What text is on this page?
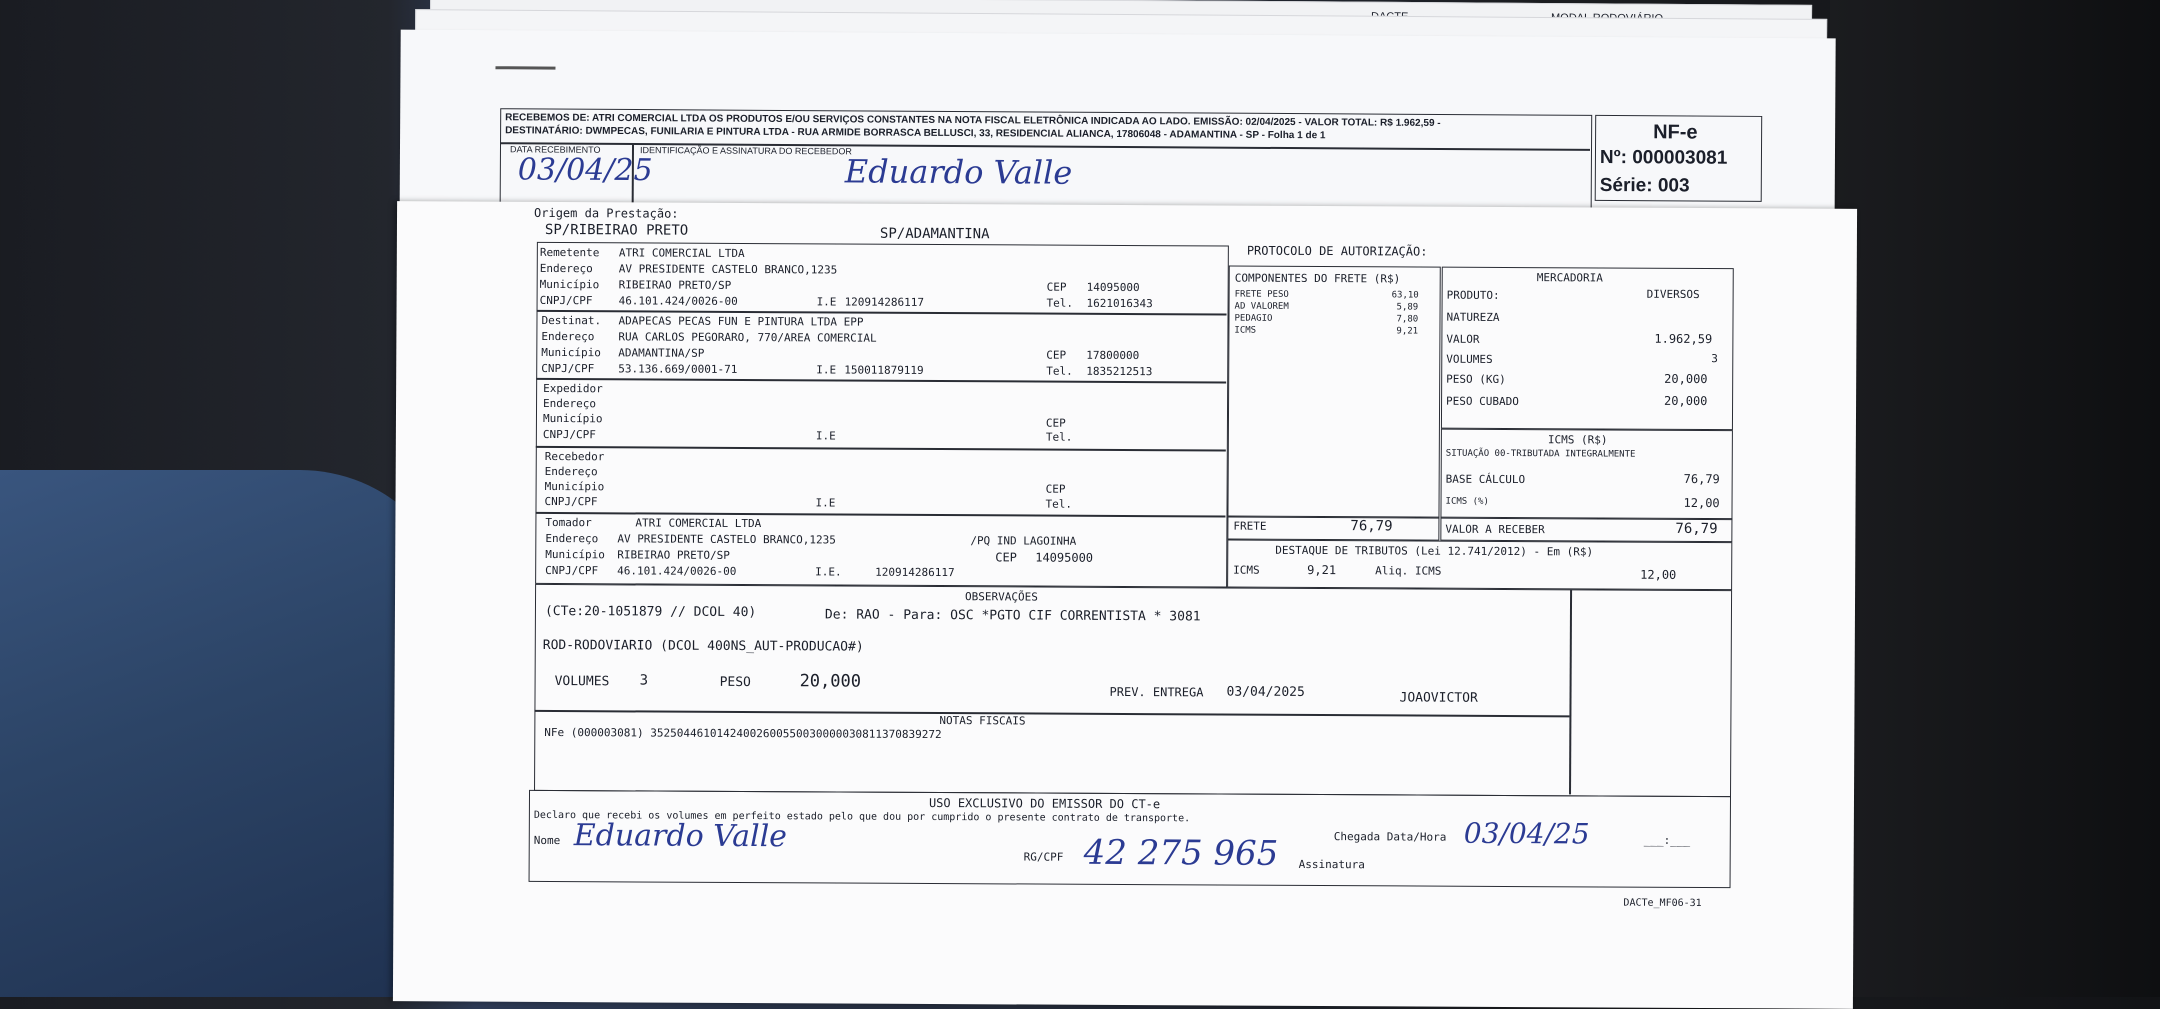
RECEBEMOS DE: ATRI COMERCIAL LTDA OS PRODUTOS E/OU SERVIÇOS CONSTANTES NA NOTA FISCAL ELETRÔNICA INDICADA AO LADO. EMISSÃO: 02/04/2025 - VALOR TOTAL: R$ 1.962,59 -
DESTINATÁRIO: DWMPECAS, FUNILARIA E PINTURA LTDA - RUA ARMIDE BORRASCA BELLUSCI, 33, RESIDENCIAL ALIANCA, 17806048 - ADAMANTINA - SP - Folha 1 de 1
DATA RECEBIMENTO
03/04/25
IDENTIFICAÇÃO E ASSINATURA DO RECEBEDOR
Eduardo Valle
NF-e
Nº: 000003081
Série: 003
Origem da Prestação:
SP/RIBEIRAO PRETO	SP/ADAMANTINA
PROTOCOLO DE AUTORIZAÇÃO:
Remetente ATRI COMERCIAL LTDA
Endereço AV PRESIDENTE CASTELO BRANCO,1235
Município RIBEIRAO PRETO/SP
CNPJ/CPF 46.101.424/0026-00	I.E 120914286117
CEP 14095000
Tel. 1621016343
Destinat. ADAPECAS PECAS FUN E PINTURA LTDA EPP
Endereço RUA CARLOS PEGORARO, 770/AREA COMERCIAL
Município ADAMANTINA/SP
CNPJ/CPF 53.136.669/0001-71	I.E 150011879119
CEP 17800000
Tel. 1835212513
Expedidor
Endereço
Município
CNPJ/CPF	I.E
CEP
Tel.
Recebedor
Endereço
Município
CNPJ/CPF	I.E
CEP
Tel.
Tomador	ATRI COMERCIAL LTDA
Endereço AV PRESIDENTE CASTELO BRANCO,1235	/PQ IND LAGOINHA
Município RIBEIRAO PRETO/SP	CEP 14095000
CNPJ/CPF 46.101.424/0026-00	I.E.	120914286117
COMPONENTES DO FRETE (R$)
FRETE PESO	63,10
AD VALOREM	5,89
PEDAGIO	7,80
ICMS	9,21
FRETE	76,79
MERCADORIA
PRODUTO:	DIVERSOS
NATUREZA
VALOR	1.962,59
VOLUMES	3
PESO (KG)	20,000
PESO CUBADO	20,000
ICMS (R$)
SITUAÇÃO 00-TRIBUTADA INTEGRALMENTE
BASE CÁLCULO	76,79
ICMS (%)	12,00
VALOR A RECEBER	76,79
DESTAQUE DE TRIBUTOS (Lei 12.741/2012) - Em (R$)
ICMS	9,21	Aliq. ICMS	12,00
OBSERVAÇÕES
(CTe:20-1051879 // DCOL 40)	De: RAO - Para: OSC *PGTO CIF CORRENTISTA * 3081
ROD-RODOVIARIO (DCOL 400NS_AUT-PRODUCAO#)
VOLUMES 3	PESO	20,000
PREV. ENTREGA 03/04/2025	JOAOVICTOR
NOTAS FISCAIS
NFe (000003081) 35250446101424002600550030000030811370839272
USO EXCLUSIVO DO EMISSOR DO CT-e
Declaro que recebi os volumes em perfeito estado pelo que dou por cumprido o presente contrato de transporte.
Nome Eduardo Valle
RG/CPF 42 275 965 Assinatura
Chegada Data/Hora 03/04/25	___:___
DACTe_MF06-31
